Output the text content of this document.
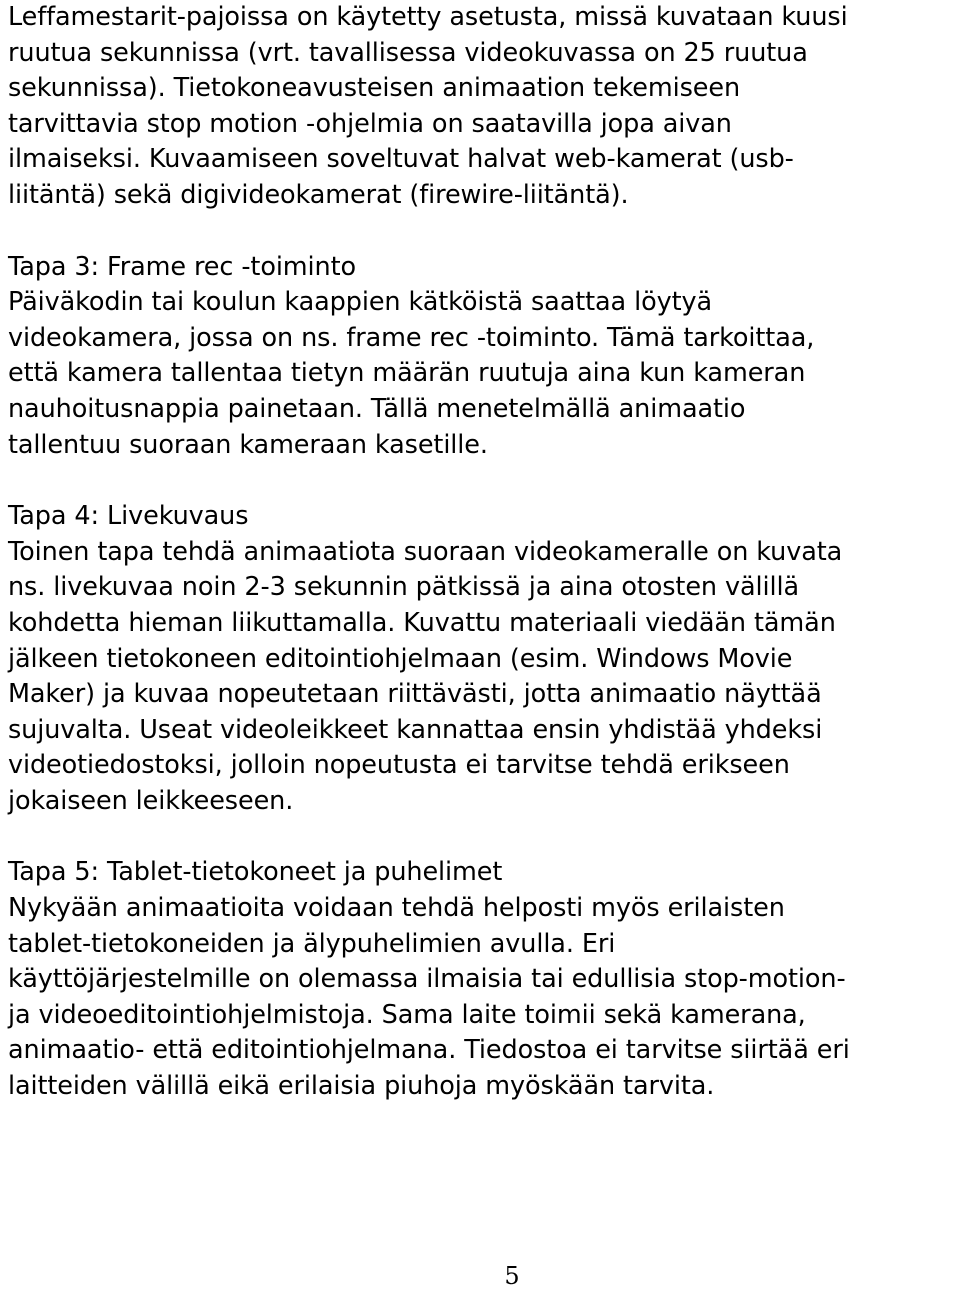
Leffamestarit-pajoissa on käytetty asetusta, missä kuvataan kuusi
ruutua sekunnissa (vrt. tavallisessa videokuvassa on 25 ruutua
sekunnissa). Tietokoneavusteisen animaation tekemiseen
tarvittavia stop motion -ohjelmia on saatavilla jopa aivan
ilmaiseksi. Kuvaamiseen soveltuvat halvat web-kamerat (usb-
liitäntä) sekä digivideokamerat (firewire-liitäntä).
Tapa 3: Frame rec -toiminto
Päiväkodin tai koulun kaappien kätköistä saattaa löytyä
videokamera, jossa on ns. frame rec -toiminto. Tämä tarkoittaa,
että kamera tallentaa tietyn määrän ruutuja aina kun kameran
nauhoitusnappia painetaan. Tällä menetelmällä animaatio
tallentuu suoraan kameraan kasetille.
Tapa 4: Livekuvaus
Toinen tapa tehdä animaatiota suoraan videokameralle on kuvata
ns. livekuvaa noin 2-3 sekunnin pätkissä ja aina otosten välillä
kohdetta hieman liikuttamalla. Kuvattu materiaali viedään tämän
jälkeen tietokoneen editointiohjelmaan (esim. Windows Movie
Maker) ja kuvaa nopeutetaan riittävästi, jotta animaatio näyttää
sujuvalta. Useat videoleikkeet kannattaa ensin yhdistää yhdeksi
videotiedostoksi, jolloin nopeutusta ei tarvitse tehdä erikseen
jokaiseen leikkeeseen.
Tapa 5: Tablet-tietokoneet ja puhelimet
Nykyään animaatioita voidaan tehdä helposti myös erilaisten
tablet-tietokoneiden ja älypuhelimien avulla. Eri
käyttöjärjestelmille on olemassa ilmaisia tai edullisia stop-motion-
ja videoeditointiohjelmistoja. Sama laite toimii sekä kamerana,
animaatio- että editointiohjelmana. Tiedostoa ei tarvitse siirtää eri
laitteiden välillä eikä erilaisia piuhoja myöskään tarvita.
5
